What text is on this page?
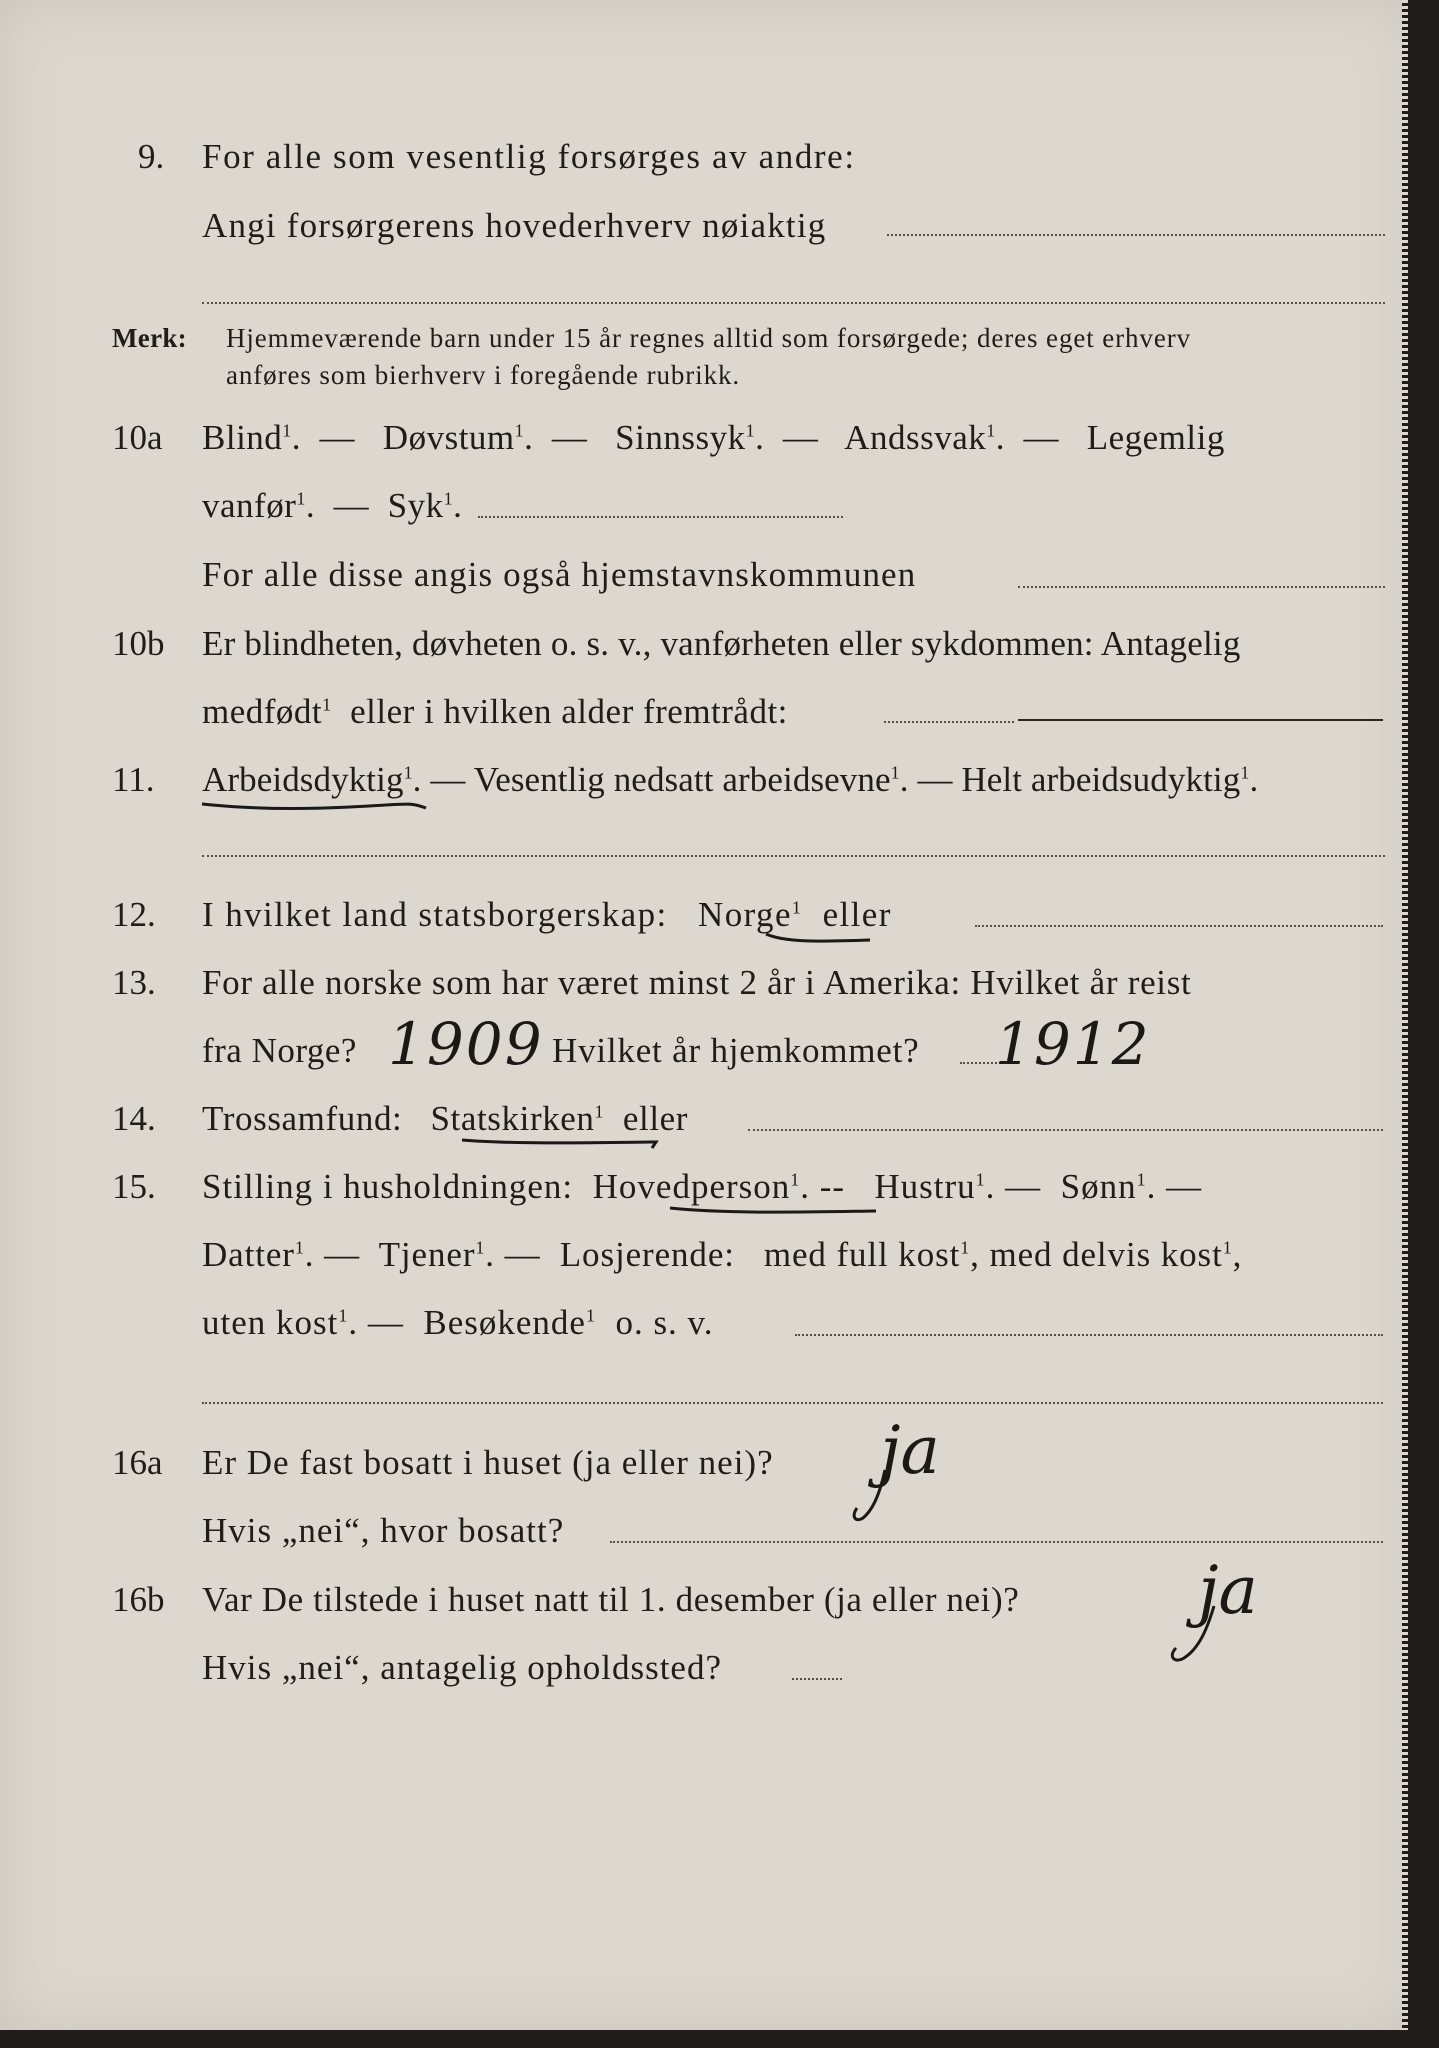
9. For alle som vesentlig forsørges av andre:
Angi forsørgerens hovederhverv nøiaktig
Merk: Hjemmeværende barn under 15 år regnes alltid som forsørgede; deres eget erhverv
anføres som bierhverv i foregående rubrikk.
10a Blind$^1$.  —   Døvstum$^1$.  —   Sinnssyk$^1$.  —   Andssvak$^1$.  —   Legemlig
vanfør$^1$.  —  Syk$^1$.
For alle disse angis også hjemstavnskommunen
10b Er blindheten, døvheten o. s. v., vanførheten eller sykdommen: Antagelig
medfødt$^1$ eller i hvilken alder fremtrådt:
11. Arbeidsdyktig$^1$. — Vesentlig nedsatt arbeidsevne$^1$. — Helt arbeidsudyktig$^1$.
12. I hvilket land statsborgerskap: Norge$^1$ eller
13. For alle norske som har været minst 2 år i Amerika: Hvilket år reist
fra Norge? 1909 Hvilket år hjemkommet? 1912
14. Trossamfund: Statskirken$^1$ eller
15. Stilling i husholdningen: Hovedperson$^1$. --   Hustru$^1$. —  Sønn$^1$. —
Datter$^1$. —  Tjener$^1$. —  Losjerende: med full kost$^1$, med delvis kost$^1$,
uten kost$^1$. —  Besøkende$^1$ o. s. v.
16a Er De fast bosatt i huset (ja eller nei)? ja
Hvis „nei“, hvor bosatt?
16b Var De tilstede i huset natt til 1. desember (ja eller nei)?	ja
Hvis „nei“, antagelig opholdssted?
